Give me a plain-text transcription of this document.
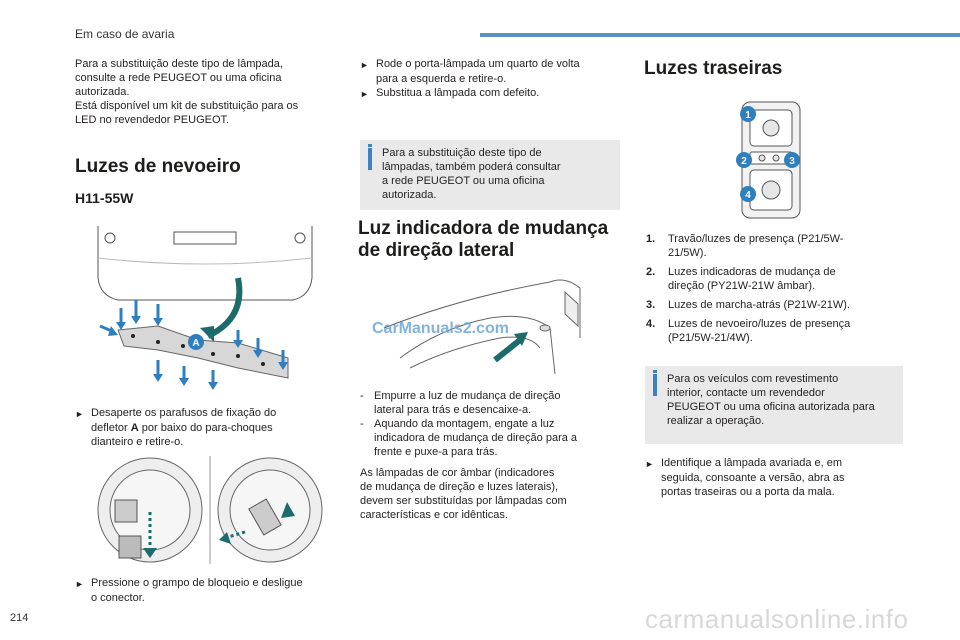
Em caso de avaria

Para a substituição deste tipo de lâmpada,

consulte a rede PEUGEOT ou uma oficina

autorizada.

Está disponível um kit de substituição para os

LED no revendedor PEUGEOT.

Luzes de nevoeiro
H11-55W
A
► Desaperte os parafusos de fixação do
defletor A por baixo do para-choques
dianteiro e retire-o.
► Pressione o grampo de bloqueio e desligue
o conector.
► Rode o porta-lâmpada um quarto de volta
para a esquerda e retire-o.
► Substitua a lâmpada com defeito.
Para a substituição deste tipo de
lâmpadas, também poderá consultar
a rede PEUGEOT ou uma oficina
autorizada.
Luz indicadora de mudança
de direção lateral
- Empurre a luz de mudança de direção
lateral para trás e desencaixe-a.
- Aquando da montagem, engate a luz
indicadora de mudança de direção para a
frente e puxe-a para trás.

As lâmpadas de cor âmbar (indicadores

de mudança de direção e luzes laterais),

devem ser substituídas por lâmpadas com

características e cor idênticas.

Luzes traseiras
1
2	3
4
1.	Travão/luzes de presença (P21/5W-
21/5W).
2.	Luzes indicadoras de mudança de
direção (PY21W-21W âmbar).
3.	Luzes de marcha-atrás (P21W-21W).
4.	Luzes de nevoeiro/luzes de presença
(P21/5W-21/4W).
Para os veículos com revestimento
interior, contacte um revendedor
PEUGEOT ou uma oficina autorizada para
realizar a operação.
► Identifique a lâmpada avariada e, em
seguida, consoante a versão, abra as
portas traseiras ou a porta da mala.
CarManuals2.com
214	carmanualsonline.info
